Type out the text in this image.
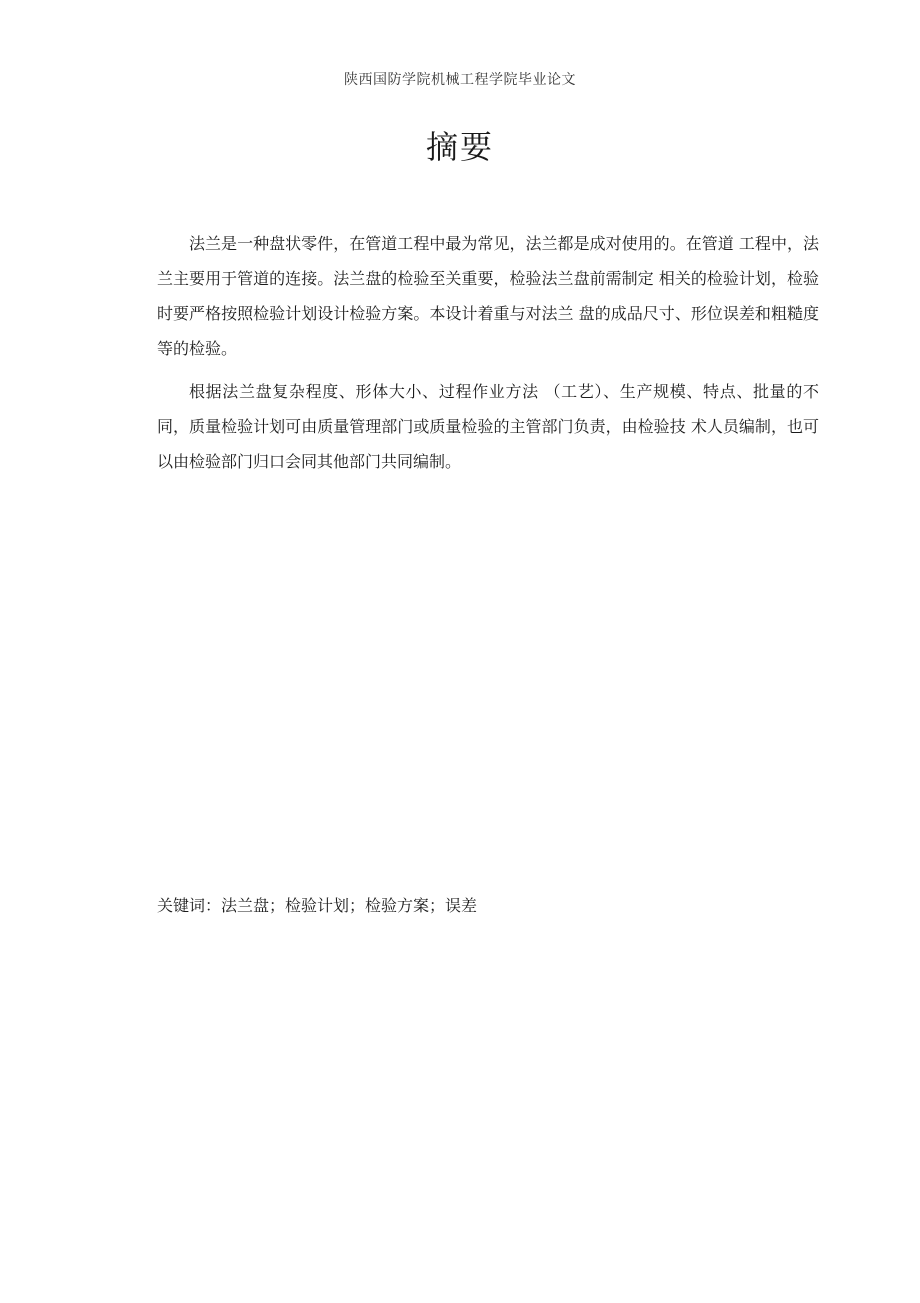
陕西国防学院机械工程学院毕业论文
摘要

法兰是一种盘状零件，在管道工程中最为常见，法兰都是成对使用的。在管道 工程中，法兰主要用于管道的连接。法兰盘的检验至关重要，检验法兰盘前需制定 相关的检验计划，检验时要严格按照检验计划设计检验方案。本设计着重与对法兰 盘的成品尺寸、形位误差和粗糙度等的检验。

根据法兰盘复杂程度、形体大小、过程作业方法 （工艺）、生产规模、特点、批量的不同，质量检验计划可由质量管理部门或质量检验的主管部门负责，由检验技 术人员编制，也可以由检验部门归口会同其他部门共同编制。

关键词：法兰盘；检验计划；检验方案；误差
